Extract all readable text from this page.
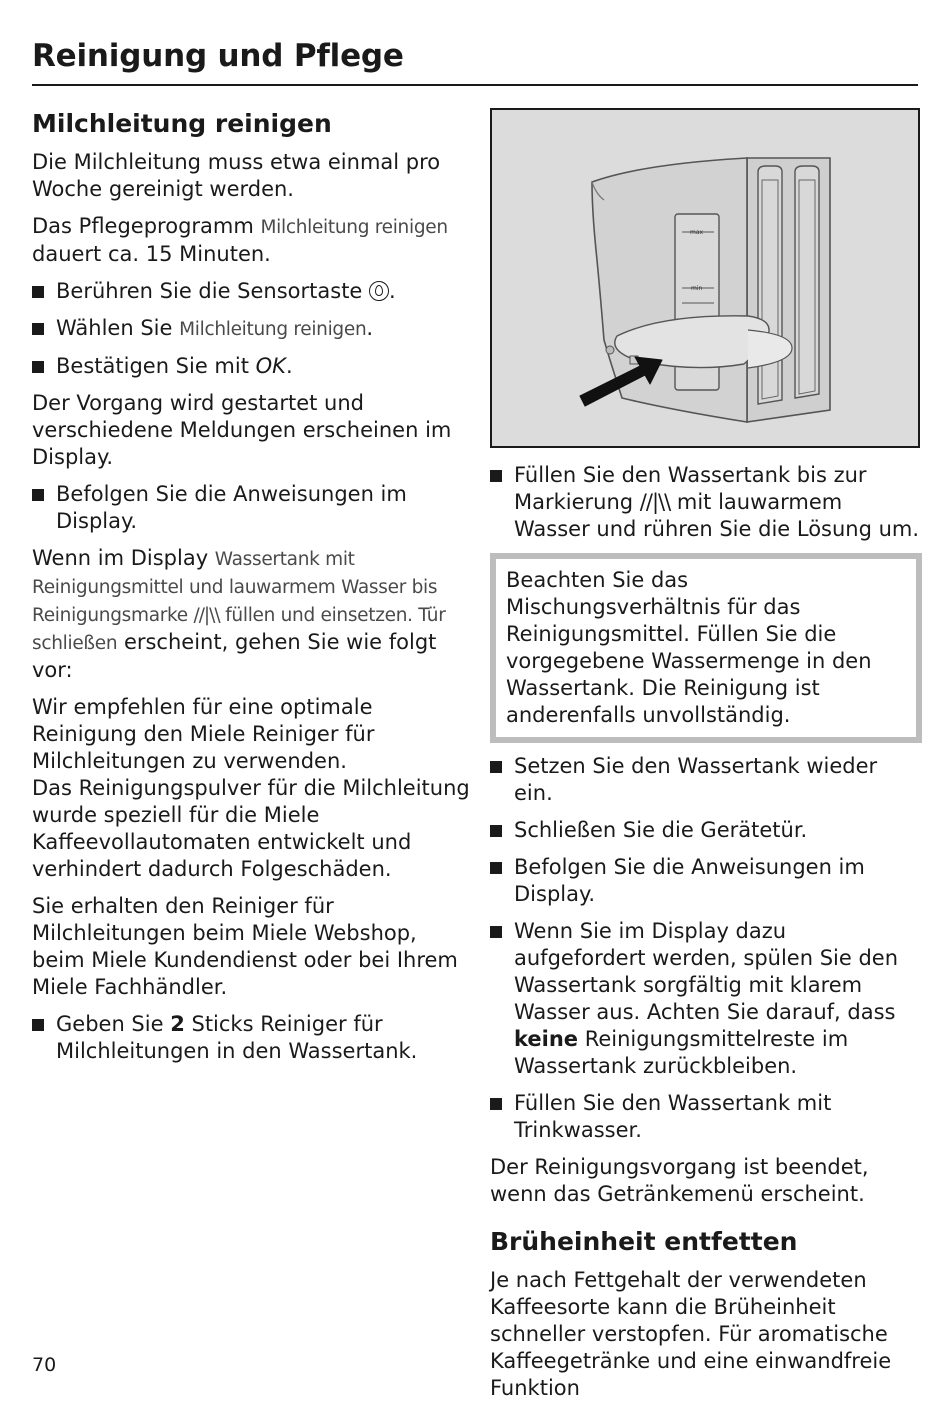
Reinigung und Pflege
Milchleitung reinigen

Die Milchleitung muss etwa einmal pro Woche gereinigt werden.

Das Pflegeprogramm Milchleitung reinigen dauert ca. 15 Minuten.

Berühren Sie die Sensortaste .
Wählen Sie Milchleitung reinigen.
Bestätigen Sie mit OK.

Der Vorgang wird gestartet und verschiedene Meldungen erscheinen im Display.

Befolgen Sie die Anweisungen im Display.

Wenn im Display Wassertank mit Reinigungsmittel und lauwarmem Wasser bis Reinigungsmarke //|\\ füllen und einsetzen. Tür schließen erscheint, gehen Sie wie folgt vor:

Wir empfehlen für eine optimale Reinigung den Miele Reiniger für Milchleitungen zu verwenden.

Das Reinigungspulver für die Milchleitung wurde speziell für die Miele Kaffeevollautomaten entwickelt und verhindert dadurch Folgeschäden.

Sie erhalten den Reiniger für Milchleitungen beim Miele Webshop, beim Miele Kundendienst oder bei Ihrem Miele Fachhändler.

Geben Sie 2 Sticks Reiniger für Milchleitungen in den Wassertank.
max
min
Füllen Sie den Wassertank bis zur Markierung //|\\ mit lauwarmem Wasser und rühren Sie die Lösung um.

Beachten Sie das Mischungsverhältnis für das Reinigungsmittel. Füllen Sie die vorgegebene Wassermenge in den Wassertank. Die Reinigung ist anderenfalls unvollständig.

Setzen Sie den Wassertank wieder ein.
Schließen Sie die Gerätetür.
Befolgen Sie die Anweisungen im Display.
Wenn Sie im Display dazu aufgefordert werden, spülen Sie den Wassertank sorgfältig mit klarem Wasser aus. Achten Sie darauf, dass keine Reinigungsmittelreste im Wassertank zurückbleiben.
Füllen Sie den Wassertank mit Trinkwasser.

Der Reinigungsvorgang ist beendet, wenn das Getränkemenü erscheint.

Brüheinheit entfetten

Je nach Fettgehalt der verwendeten Kaffeesorte kann die Brüheinheit schneller verstopfen. Für aromatische Kaffeegetränke und eine einwandfreie Funktion

70
